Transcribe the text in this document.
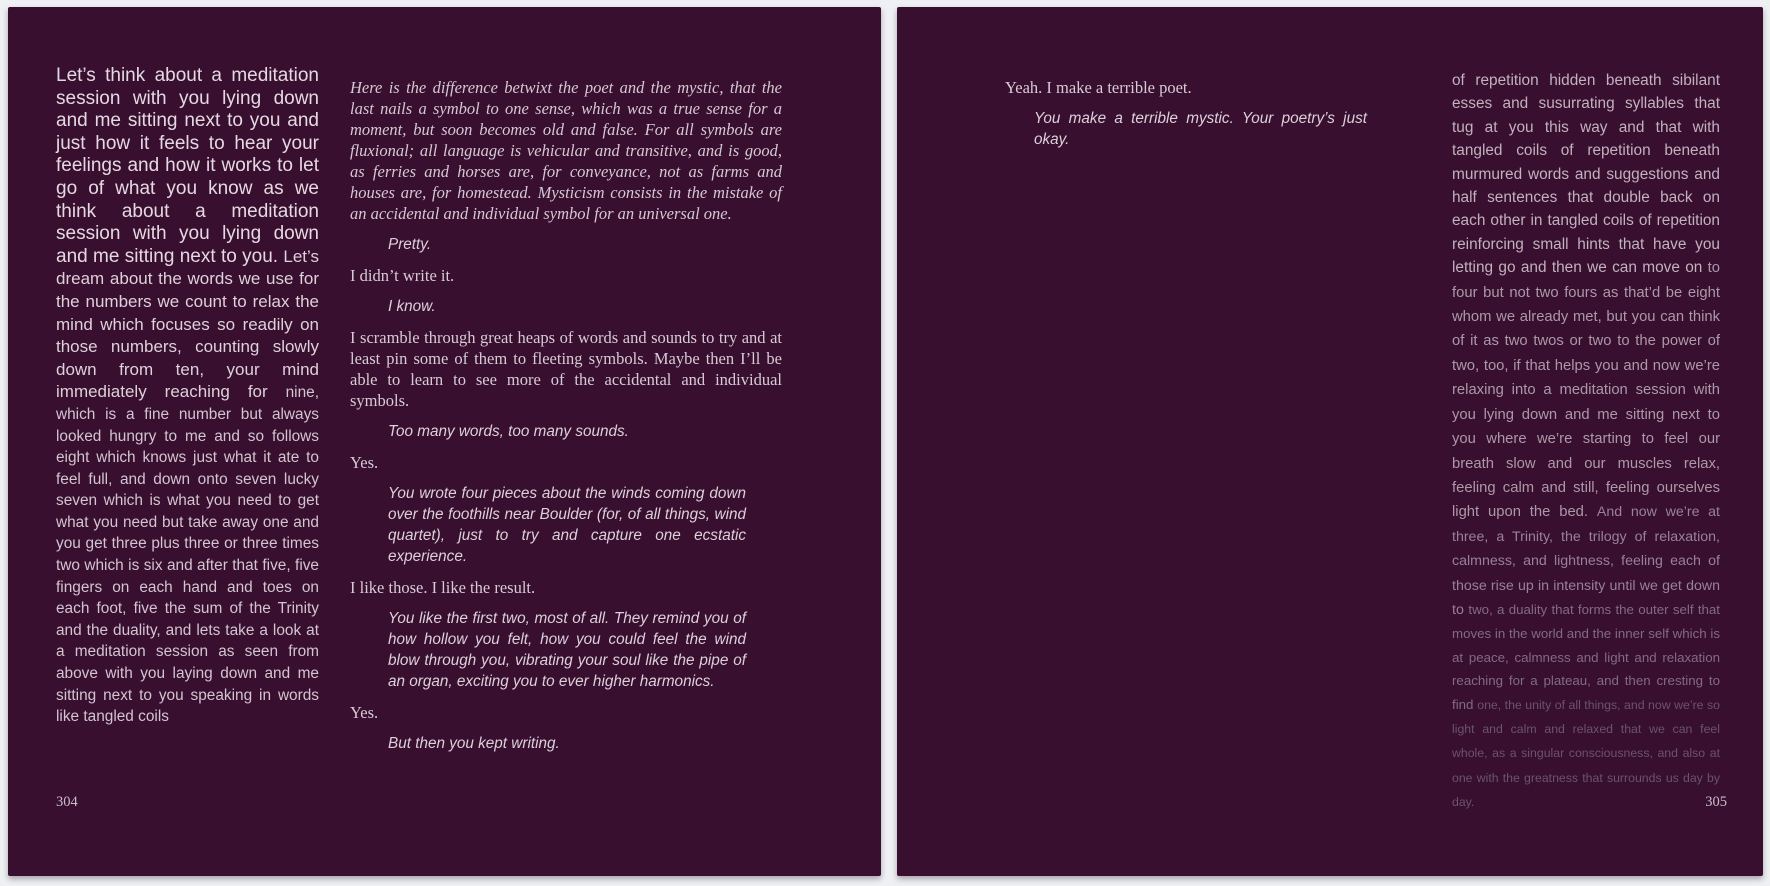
Let’s think about a meditation session with you lying down and me sitting next to you and just how it feels to hear your feelings and how it works to let go of what you know as we think about a meditation session with you lying down and me sitting next to you. Let’s dream about the words we use for the numbers we count to relax the mind which focuses so readily on those numbers, counting slowly down from ten, your mind immediately reaching for nine, which is a fine number but always looked hungry to me and so follows eight which knows just what it ate to feel full, and down onto seven lucky seven which is what you need to get what you need but take away one and you get three plus three or three times two which is six and after that five, five fingers on each hand and toes on each foot, five the sum of the Trinity and the duality, and lets take a look at a meditation session as seen from above with you laying down and me sitting next to you speaking in words like tangled coils

Here is the difference betwixt the poet and the mystic, that the last nails a symbol to one sense, which was a true sense for a moment, but soon becomes old and false. For all symbols are fluxional; all language is vehicular and transitive, and is good, as ferries and horses are, for conveyance, not as farms and houses are, for homestead. Mysticism consists in the mistake of an accidental and individual symbol for an universal one.

Pretty.

I didn’t write it.

I know.

I scramble through great heaps of words and sounds to try and at least pin some of them to fleeting symbols. Maybe then I’ll be able to learn to see more of the accidental and individual symbols.

Too many words, too many sounds.

Yes.

You wrote four pieces about the winds coming down over the foothills near Boulder (for, of all things, wind quartet), just to try and capture one ecstatic experience.

I like those. I like the result.

You like the first two, most of all. They remind you of how hollow you felt, how you could feel the wind blow through you, vibrating your soul like the pipe of an organ, exciting you to ever higher harmonics.

Yes.

But then you kept writing.

304

Yeah. I make a terrible poet.

You make a terrible mystic. Your poetry’s just okay.

of repetition hidden beneath sibilant esses and susurrating syllables that tug at you this way and that with tangled coils of repetition beneath murmured words and suggestions and half sentences that double back on each other in tangled coils of repetition reinforcing small hints that have you letting go and then we can move on to four but not two fours as that’d be eight whom we already met, but you can think of it as two twos or two to the power of two, too, if that helps you and now we’re relaxing into a meditation session with you lying down and me sitting next to you where we’re starting to feel our breath slow and our muscles relax, feeling calm and still, feeling ourselves light upon the bed. And now we’re at three, a Trinity, the trilogy of relaxation, calmness, and lightness, feeling each of those rise up in intensity until we get down to two, a duality that forms the outer self that moves in the world and the inner self which is at peace, calmness and light and relaxation reaching for a plateau, and then cresting to find one, the unity of all things, and now we’re so light and calm and relaxed that we can feel whole, as a singular consciousness, and also at one with the greatness that surrounds us day by day.	305
